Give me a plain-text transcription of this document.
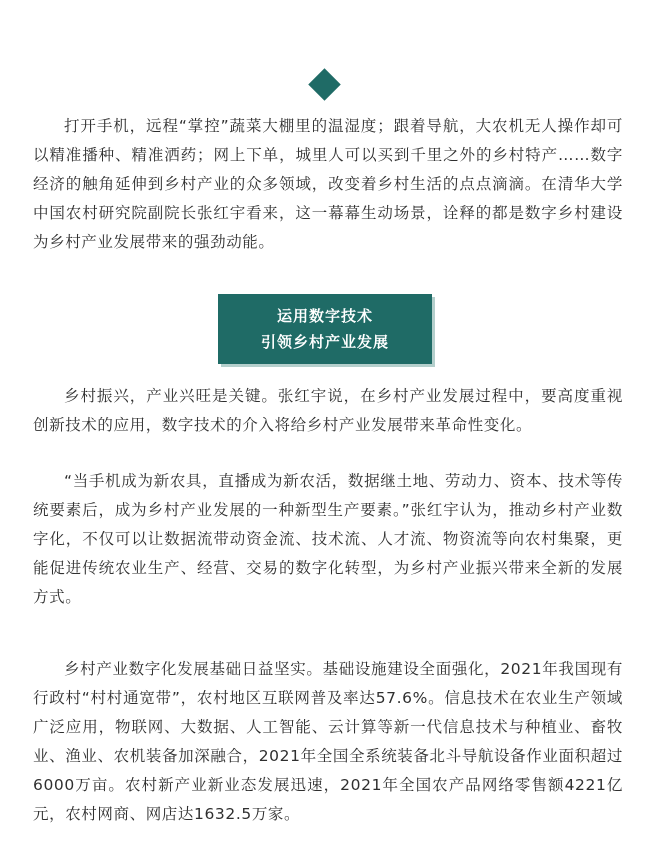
打开手机，远程“掌控”蔬菜大棚里的温湿度；跟着导航，大农机无人操作却可以精准播种、精准洒药；网上下单，城里人可以买到千里之外的乡村特产……数字经济的触角延伸到乡村产业的众多领域，改变着乡村生活的点点滴滴。在清华大学中国农村研究院副院长张红宇看来，这一幕幕生动场景，诠释的都是数字乡村建设为乡村产业发展带来的强劲动能。

运用数字技术
引领乡村产业发展

乡村振兴，产业兴旺是关键。张红宇说，在乡村产业发展过程中，要高度重视创新技术的应用，数字技术的介入将给乡村产业发展带来革命性变化。

“当手机成为新农具，直播成为新农活，数据继土地、劳动力、资本、技术等传统要素后，成为乡村产业发展的一种新型生产要素。”张红宇认为，推动乡村产业数字化，不仅可以让数据流带动资金流、技术流、人才流、物资流等向农村集聚，更能促进传统农业生产、经营、交易的数字化转型，为乡村产业振兴带来全新的发展方式。

乡村产业数字化发展基础日益坚实。基础设施建设全面强化，2021年我国现有行政村“村村通宽带”，农村地区互联网普及率达57.6%。信息技术在农业生产领域广泛应用，物联网、大数据、人工智能、云计算等新一代信息技术与种植业、畜牧业、渔业、农机装备加深融合，2021年全国全系统装备北斗导航设备作业面积超过6000万亩。农村新产业新业态发展迅速，2021年全国农产品网络零售额4221亿元，农村网商、网店达1632.5万家。
